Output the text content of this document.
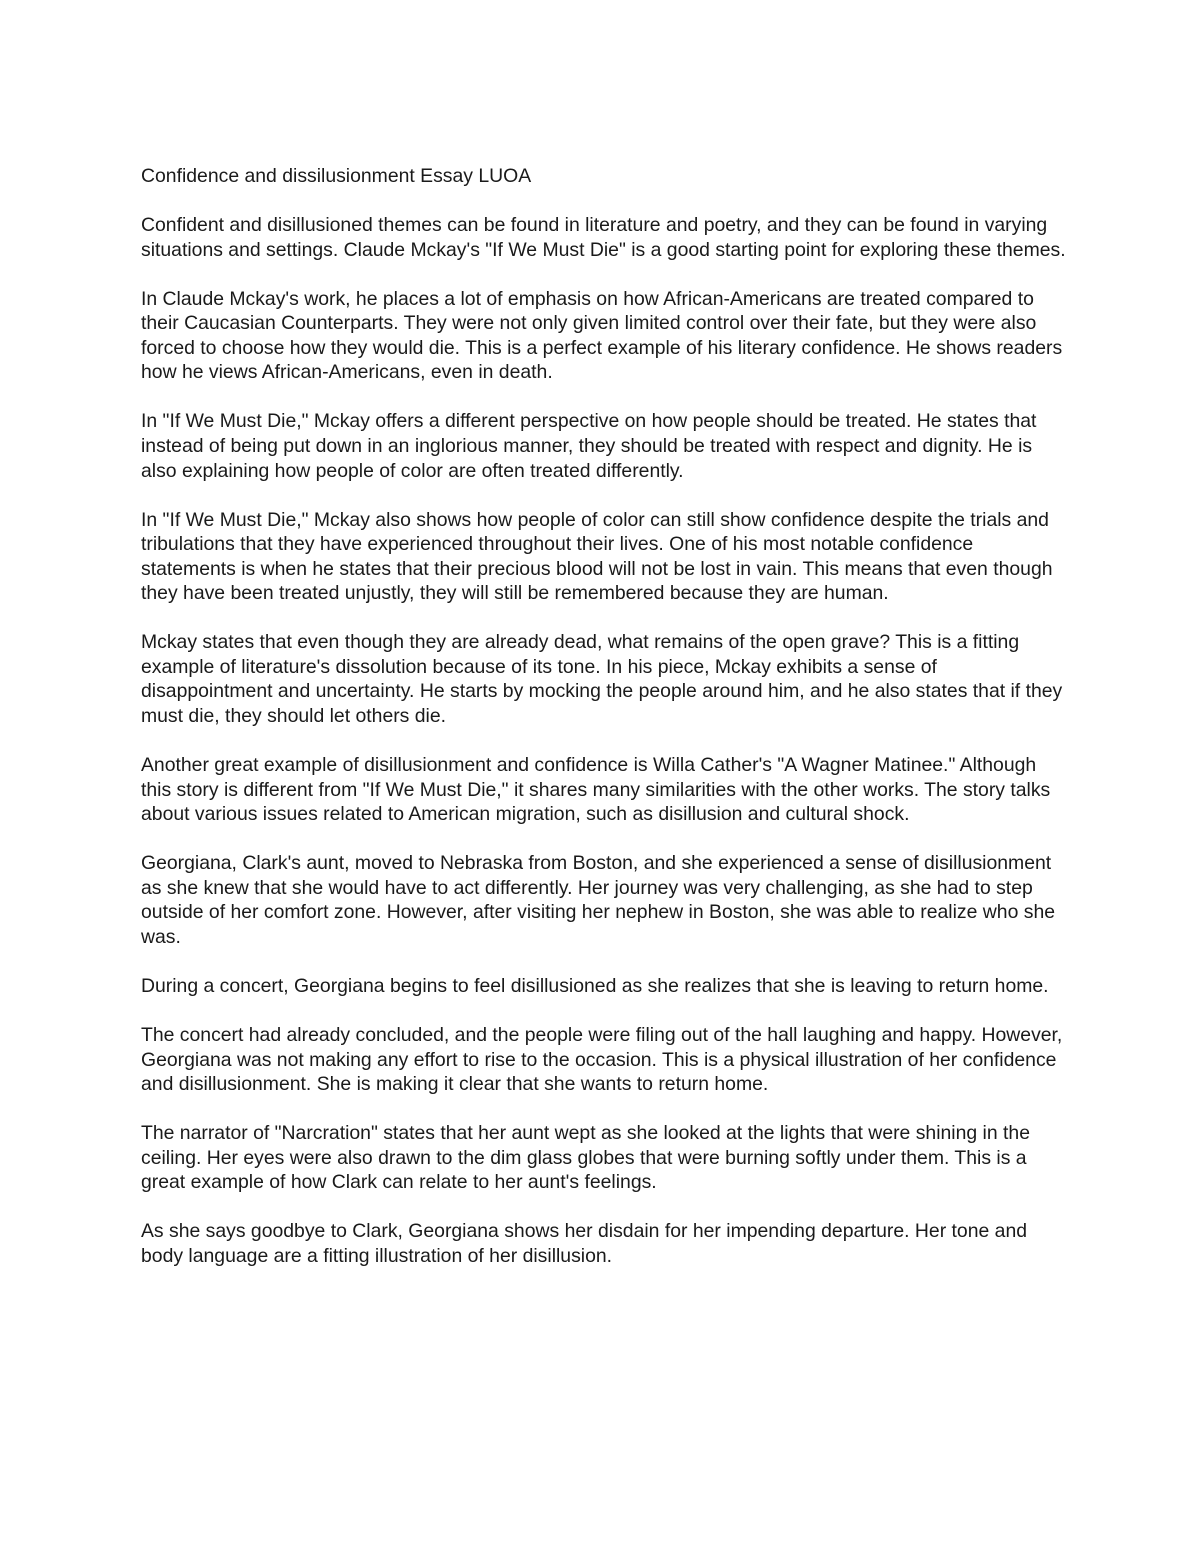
Confidence and dissilusionment Essay LUOA

Confident and disillusioned themes can be found in literature and poetry, and they can be found in varying situations and settings. Claude Mckay's "If We Must Die" is a good starting point for exploring these themes.

In Claude Mckay's work, he places a lot of emphasis on how African-Americans are treated compared to their Caucasian Counterparts. They were not only given limited control over their fate, but they were also forced to choose how they would die. This is a perfect example of his literary confidence. He shows readers how he views African-Americans, even in death.

In "If We Must Die," Mckay offers a different perspective on how people should be treated. He states that instead of being put down in an inglorious manner, they should be treated with respect and dignity. He is also explaining how people of color are often treated differently.

In "If We Must Die," Mckay also shows how people of color can still show confidence despite the trials and tribulations that they have experienced throughout their lives. One of his most notable confidence statements is when he states that their precious blood will not be lost in vain. This means that even though they have been treated unjustly, they will still be remembered because they are human.

Mckay states that even though they are already dead, what remains of the open grave? This is a fitting example of literature's dissolution because of its tone. In his piece, Mckay exhibits a sense of disappointment and uncertainty. He starts by mocking the people around him, and he also states that if they must die, they should let others die.

Another great example of disillusionment and confidence is Willa Cather's "A Wagner Matinee." Although this story is different from "If We Must Die," it shares many similarities with the other works. The story talks about various issues related to American migration, such as disillusion and cultural shock.

Georgiana, Clark's aunt, moved to Nebraska from Boston, and she experienced a sense of disillusionment as she knew that she would have to act differently. Her journey was very challenging, as she had to step outside of her comfort zone. However, after visiting her nephew in Boston, she was able to realize who she was.

During a concert, Georgiana begins to feel disillusioned as she realizes that she is leaving to return home.

The concert had already concluded, and the people were filing out of the hall laughing and happy. However, Georgiana was not making any effort to rise to the occasion. This is a physical illustration of her confidence and disillusionment. She is making it clear that she wants to return home.

The narrator of "Narcration" states that her aunt wept as she looked at the lights that were shining in the ceiling. Her eyes were also drawn to the dim glass globes that were burning softly under them. This is a great example of how Clark can relate to her aunt's feelings.

As she says goodbye to Clark, Georgiana shows her disdain for her impending departure. Her tone and body language are a fitting illustration of her disillusion.
